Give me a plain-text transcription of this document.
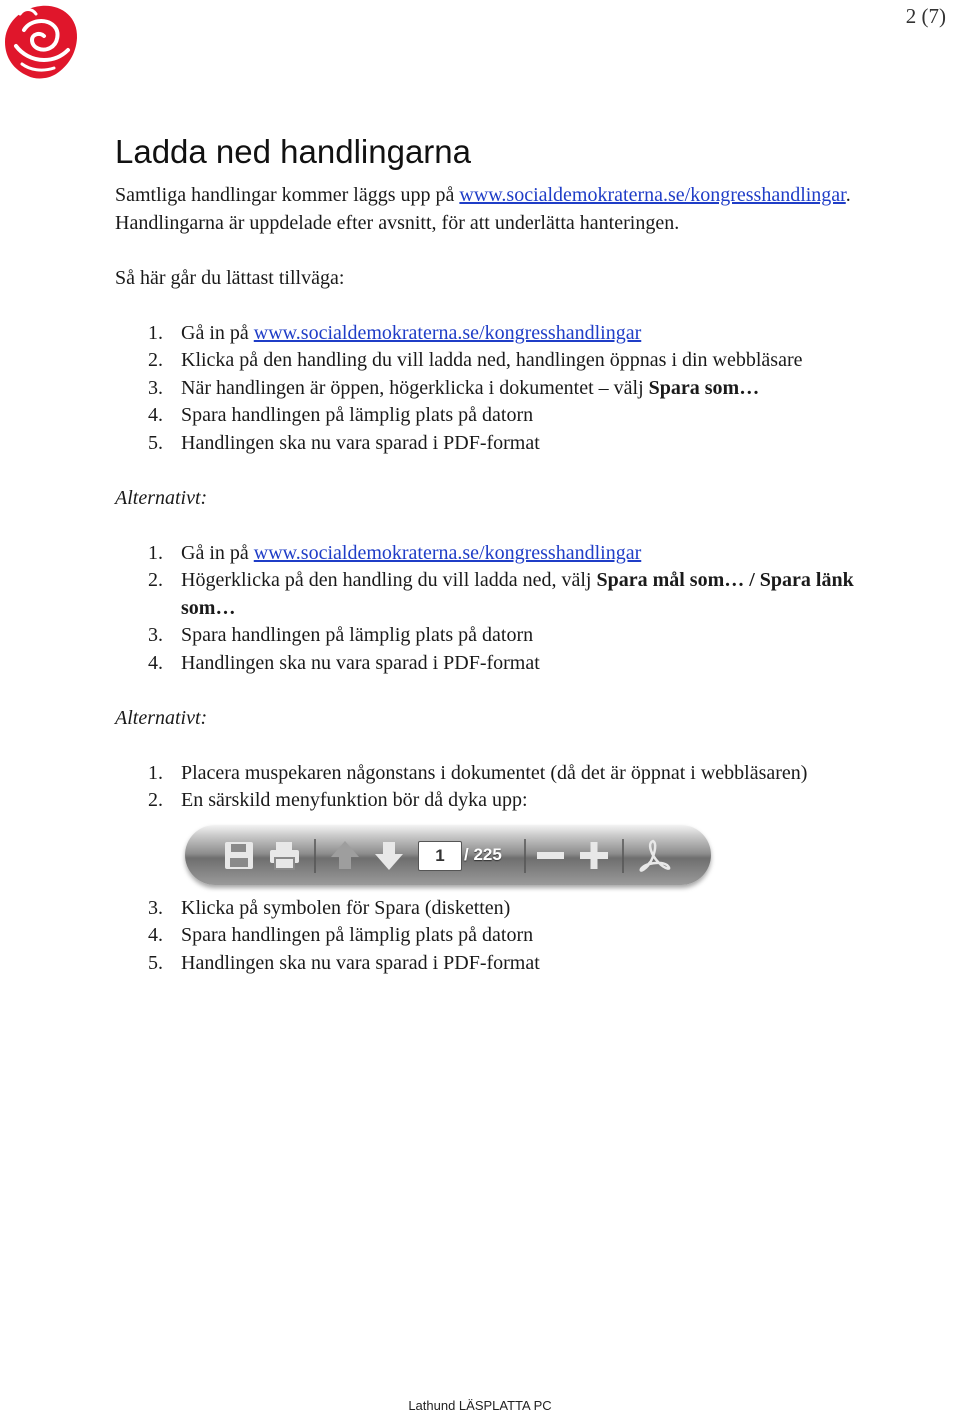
2 (7)
Ladda ned handlingarna

Samtliga handlingar kommer läggs upp på www.socialdemokraterna.se/kongresshandlingar. Handlingarna är uppdelade efter avsnitt, för att underlätta hanteringen.

Så här går du lättast tillväga:

1. Gå in på www.socialdemokraterna.se/kongresshandlingar
2. Klicka på den handling du vill ladda ned, handlingen öppnas i din webbläsare
3. När handlingen är öppen, högerklicka i dokumentet – välj Spara som…
4. Spara handlingen på lämplig plats på datorn
5. Handlingen ska nu vara sparad i PDF-format

Alternativt:

1. Gå in på www.socialdemokraterna.se/kongresshandlingar
2. Högerklicka på den handling du vill ladda ned, välj Spara mål som… / Spara länk som…
3. Spara handlingen på lämplig plats på datorn
4. Handlingen ska nu vara sparad i PDF-format

Alternativt:

1. Placera muspekaren någonstans i dokumentet (då det är öppnat i webbläsaren)
2. En särskild menyfunktion bör då dyka upp:
1	/ 225
3. Klicka på symbolen för Spara (disketten)
4. Spara handlingen på lämplig plats på datorn
5. Handlingen ska nu vara sparad i PDF-format
Lathund LÄSPLATTA PC
